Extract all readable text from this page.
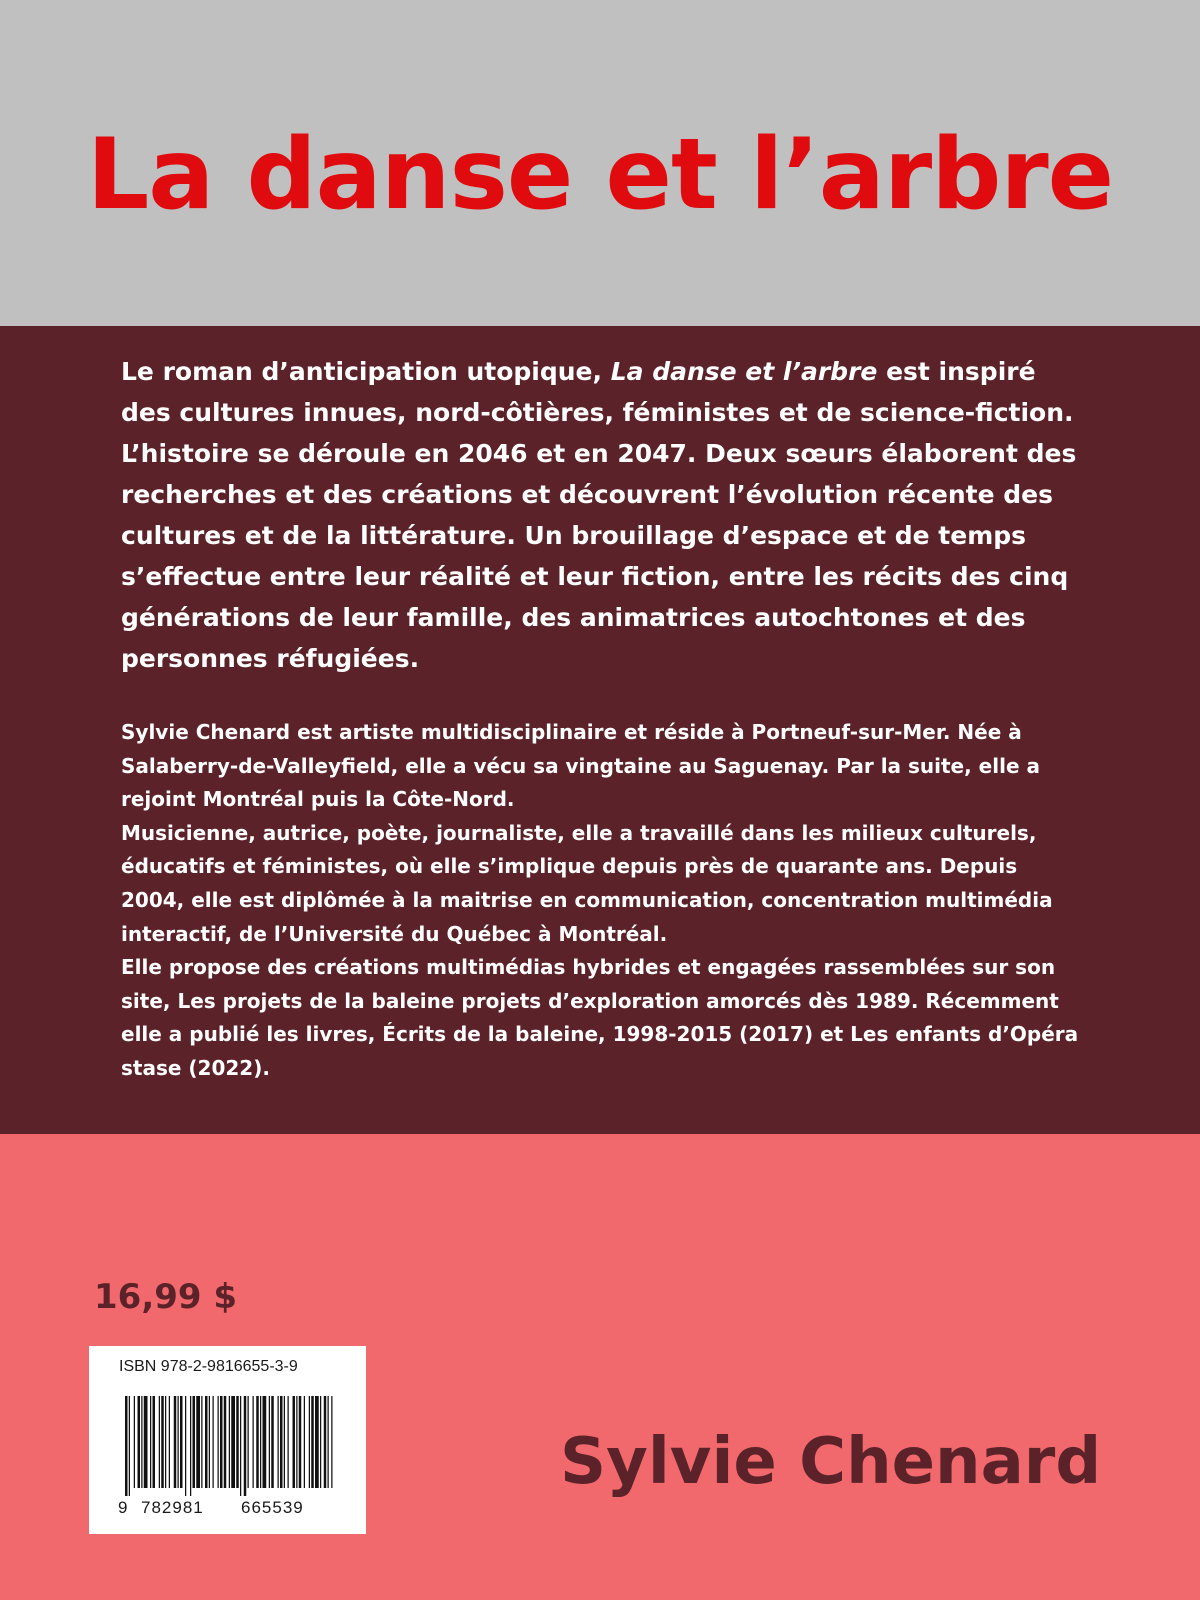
La danse et l’arbre

Le roman d’anticipation utopique, La danse et l’arbre est inspiré des cultures innues, nord-côtières, féministes et de science-fiction. L’histoire se déroule en 2046 et en 2047. Deux sœurs élaborent des recherches et des créations et découvrent l’évolution récente des cultures et de la littérature. Un brouillage d’espace et de temps s’effectue entre leur réalité et leur fiction, entre les récits des cinq générations de leur famille, des animatrices autochtones et des personnes réfugiées.

Sylvie Chenard est artiste multidisciplinaire et réside à Portneuf-sur-Mer. Née à Salaberry-de-Valleyfield, elle a vécu sa vingtaine au Saguenay. Par la suite, elle a rejoint Montréal puis la Côte-Nord.

Musicienne, autrice, poète, journaliste, elle a travaillé dans les milieux culturels, éducatifs et féministes, où elle s’implique depuis près de quarante ans. Depuis 2004, elle est diplômée à la maitrise en communication, concentration multimédia interactif, de l’Université du Québec à Montréal.

Elle propose des créations multimédias hybrides et engagées rassemblées sur son site, Les projets de la baleine projets d’exploration amorcés dès 1989. Récemment elle a publié les livres, Écrits de la baleine, 1998-2015 (2017) et Les enfants d’Opéra stase (2022).

16,99 $

ISBN 978-2-9816655-3-9
9 782981 665539
Sylvie Chenard
